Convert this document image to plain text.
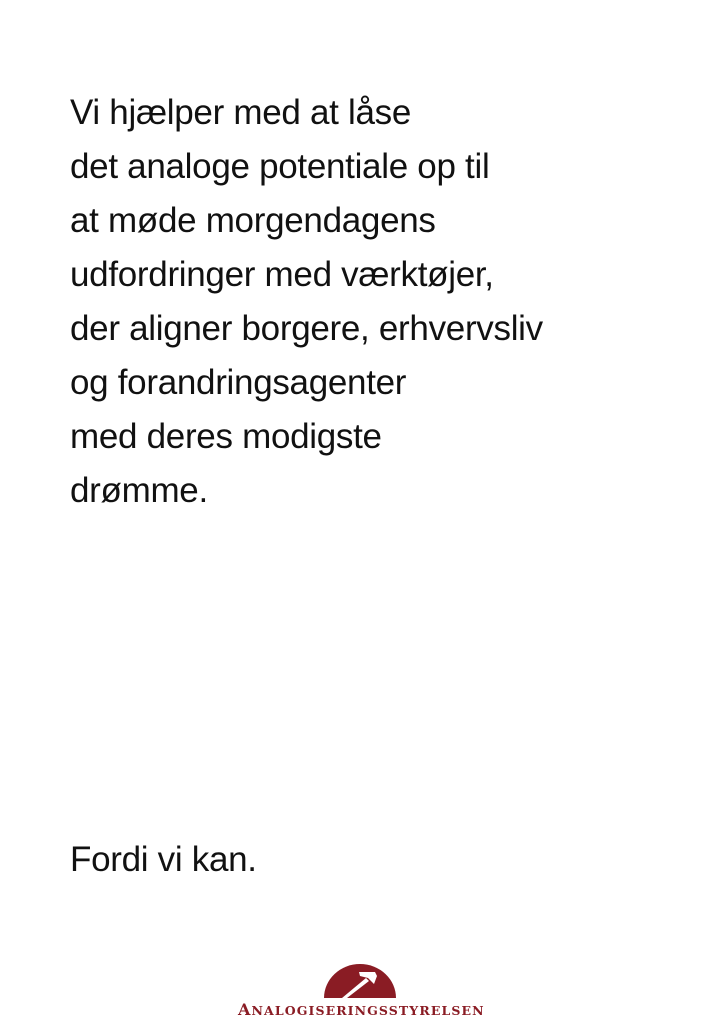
Vi hjælper med at låse
det analoge potentiale op til
at møde morgendagens
udfordringer med værktøjer,
der aligner borgere, erhvervsliv
og forandringsagenter
med deres modigste
drømme.
Fordi vi kan.
ANALOGISERINGSSTYRELSEN
